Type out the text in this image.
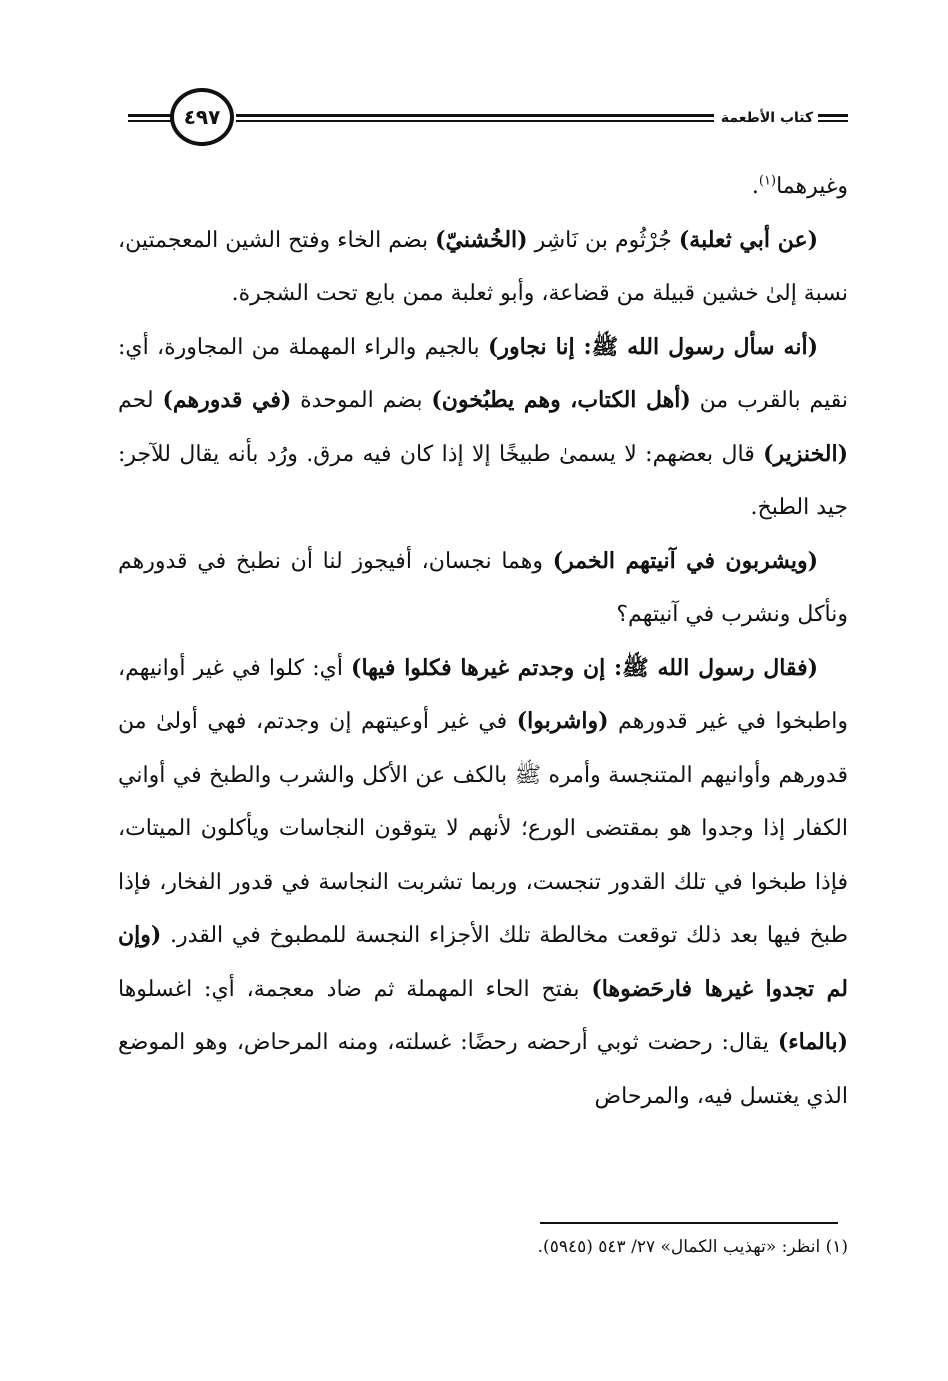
٤٩٧	كتاب الأطعمة

وغيرهما$^{(١)}$.

(عن أبي ثعلبة) جُرْثُوم بن نَاشِر (الخُشنيّ) بضم الخاء وفتح الشين المعجمتين، نسبة إلىٰ خشين قبيلة من قضاعة، وأبو ثعلبة ممن بايع تحت الشجرة.

(أنه سأل رسول الله ﷺ: إنا نجاور) بالجيم والراء المهملة من المجاورة، أي: نقيم بالقرب من (أهل الكتاب، وهم يطبُخون) بضم الموحدة (في قدورهم) لحم (الخنزير) قال بعضهم: لا يسمىٰ طبيخًا إلا إذا كان فيه مرق. ورُد بأنه يقال للآجر: جيد الطبخ.

(ويشربون في آنيتهم الخمر) وهما نجسان، أفيجوز لنا أن نطبخ في قدورهم ونأكل ونشرب في آنيتهم؟

(فقال رسول الله ﷺ: إن وجدتم غيرها فكلوا فيها) أي: كلوا في غير أوانيهم، واطبخوا في غير قدورهم (واشربوا) في غير أوعيتهم إن وجدتم، فهي أولىٰ من قدورهم وأوانيهم المتنجسة وأمره ﷺ بالكف عن الأكل والشرب والطبخ في أواني الكفار إذا وجدوا هو بمقتضى الورع؛ لأنهم لا يتوقون النجاسات ويأكلون الميتات، فإذا طبخوا في تلك القدور تنجست، وربما تشربت النجاسة في قدور الفخار، فإذا طبخ فيها بعد ذلك توقعت مخالطة تلك الأجزاء النجسة للمطبوخ في القدر. (وإن لم تجدوا غيرها فارحَضوها) بفتح الحاء المهملة ثم ضاد معجمة، أي: اغسلوها (بالماء) يقال: رحضت ثوبي أرحضه رحضًا: غسلته، ومنه المرحاض، وهو الموضع الذي يغتسل فيه، والمرحاض

(١) انظر: «تهذيب الكمال» ٢٧/ ٥٤٣ (٥٩٤٥).
